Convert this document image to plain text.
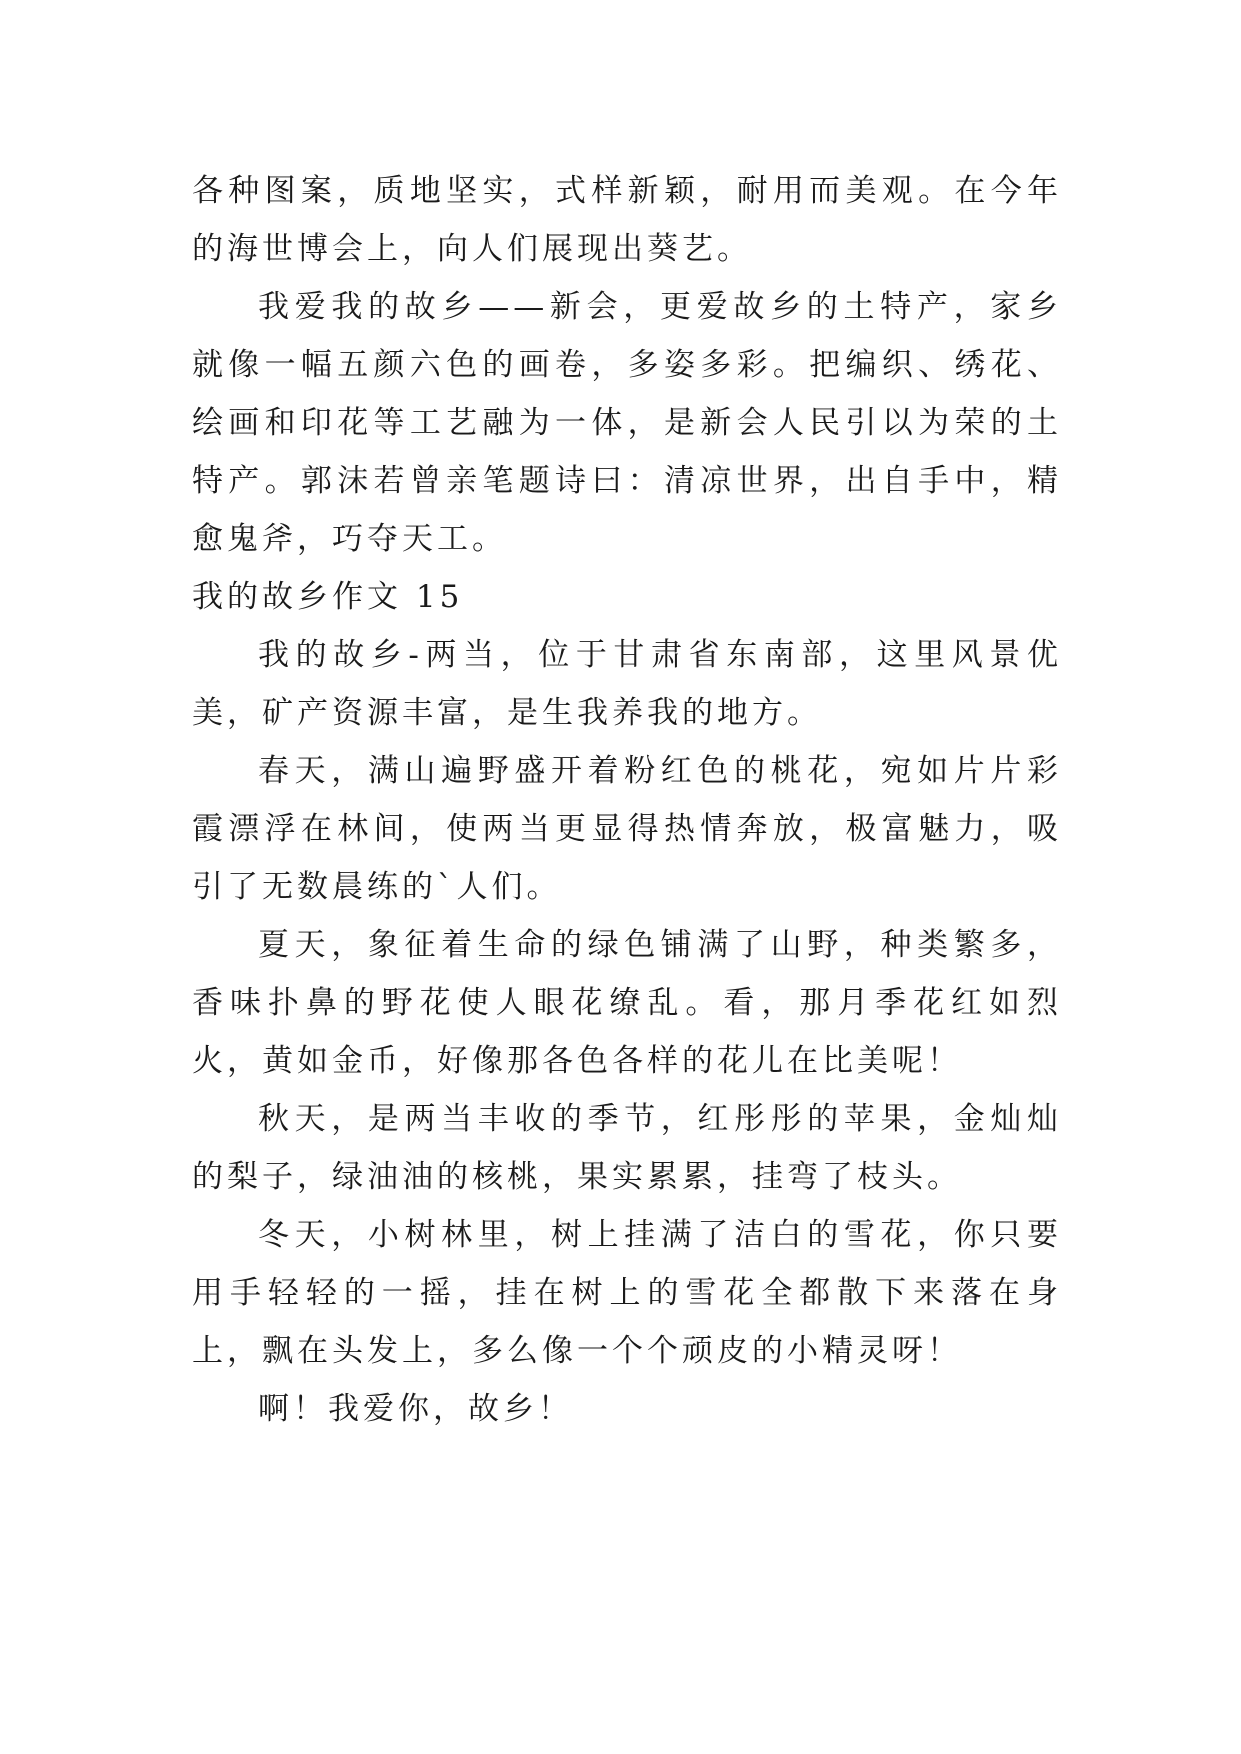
各种图案，质地坚实，式样新颖，耐用而美观。在今年的海世博会上，向人们展现出葵艺。

我爱我的故乡——新会，更爱故乡的土特产，家乡就像一幅五颜六色的画卷，多姿多彩。把编织、绣花、绘画和印花等工艺融为一体，是新会人民引以为荣的土特产。郭沫若曾亲笔题诗曰：清凉世界，出自手中，精愈鬼斧，巧夺天工。

我的故乡作文 15

我的故乡-两当，位于甘肃省东南部，这里风景优美，矿产资源丰富，是生我养我的地方。

春天，满山遍野盛开着粉红色的桃花，宛如片片彩霞漂浮在林间，使两当更显得热情奔放，极富魅力，吸引了无数晨练的`人们。

夏天，象征着生命的绿色铺满了山野，种类繁多，香味扑鼻的野花使人眼花缭乱。看，那月季花红如烈火，黄如金币，好像那各色各样的花儿在比美呢！

秋天，是两当丰收的季节，红彤彤的苹果，金灿灿的梨子，绿油油的核桃，果实累累，挂弯了枝头。

冬天，小树林里，树上挂满了洁白的雪花，你只要用手轻轻的一摇，挂在树上的雪花全都散下来落在身上，飘在头发上，多么像一个个顽皮的小精灵呀！

啊！我爱你，故乡！
